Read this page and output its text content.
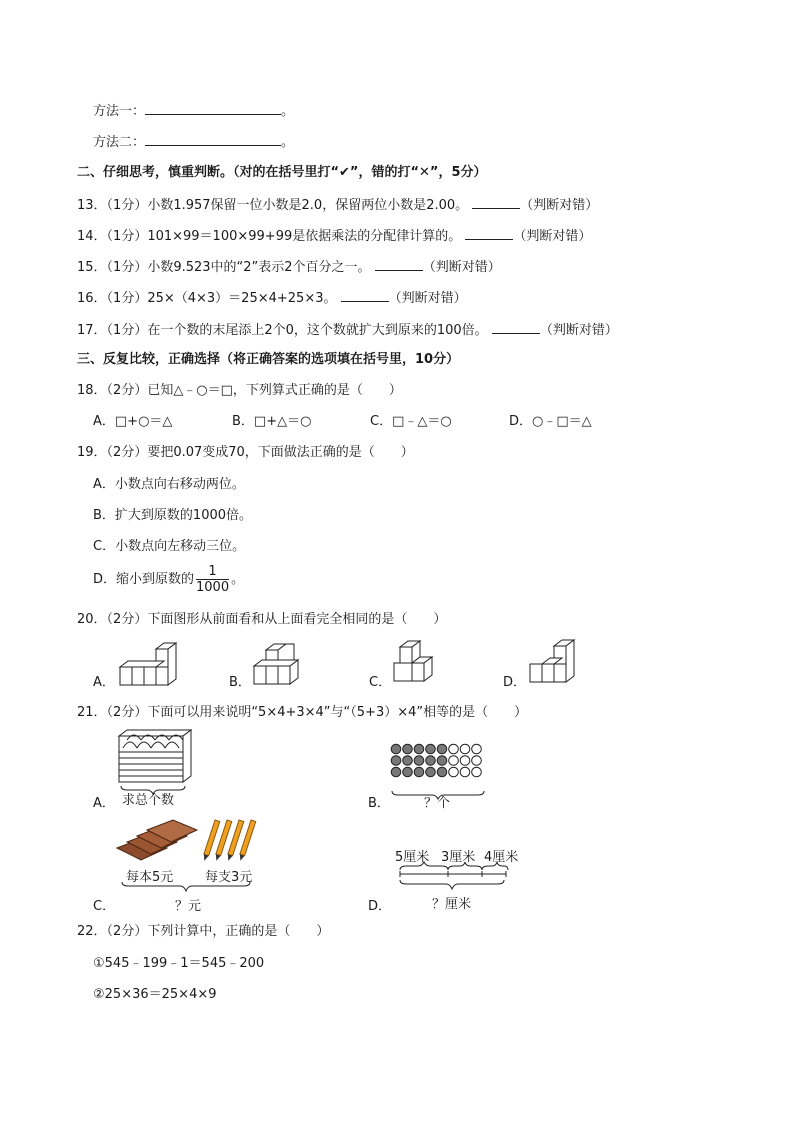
方法一：	。
方法二：	。
二、仔细思考，慎重判断。（对的在括号里打“✔”，错的打“✕”，5分）
13．（1分）小数1.957保留一位小数是2.0，保留两位小数是2.00。	（判断对错）
14．（1分）101×99＝100×99+99是依据乘法的分配律计算的。	（判断对错）
15．（1分）小数9.523中的“2”表示2个百分之一。	（判断对错）
16．（1分）25×（4×3）＝25×4+25×3。	（判断对错）
17．（1分）在一个数的末尾添上2个0，这个数就扩大到原来的100倍。	（判断对错）
三、反复比较，正确选择（将正确答案的选项填在括号里，10分）
18．（2分）已知△﹣○＝□，下列算式正确的是（　　）
A．□+○＝△	B．□+△＝○	C．□﹣△＝○	D．○﹣□＝△
19．（2分）要把0.07变成70，下面做法正确的是（　　）
A．小数点向右移动两位。
B．扩大到原数的1000倍。
C．小数点向左移动三位。
D．缩小到原数的 $\frac{1}{1000}$ 。
20．（2分）下面图形从前面看和从上面看完全相同的是（　　）
A．	B．	C．	D．
21．（2分）下面可以用来说明“5×4+3×4”与“（5+3）×4”相等的是（　　）
A． 求总个数	B．	？个
C．
每本5元 每支3元
？元	D．
5厘米 3厘米 4厘米
？厘米
22．（2分）下列计算中，正确的是（　　）
①545﹣199﹣1＝545﹣200
②25×36＝25×4×9
